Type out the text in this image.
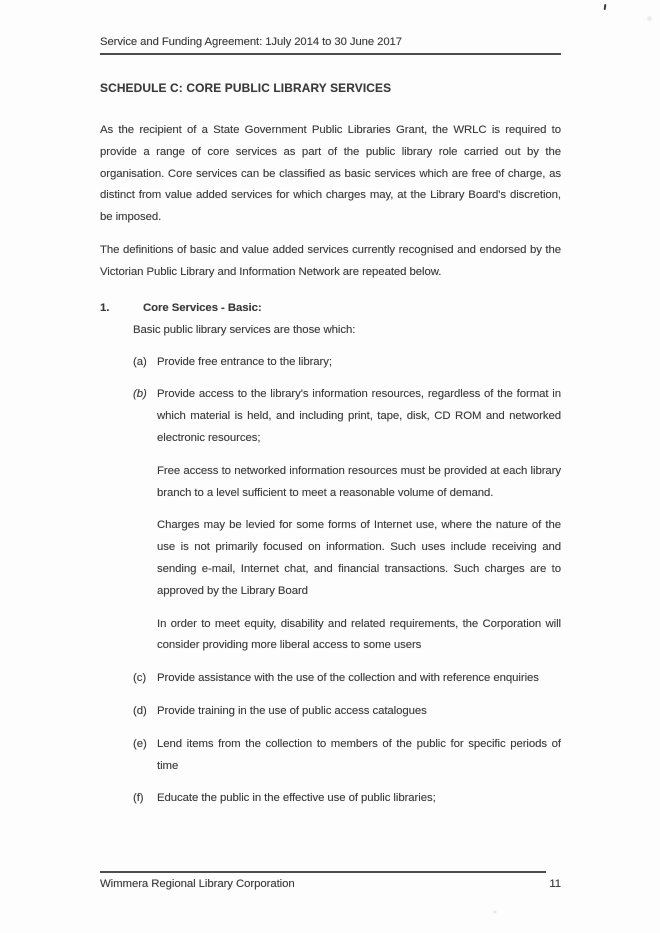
Service and Funding Agreement: 1July 2014 to 30 June 2017
SCHEDULE C: CORE PUBLIC LIBRARY SERVICES

As the recipient of a State Government Public Libraries Grant, the WRLC is required to provide a range of core services as part of the public library role carried out by the organisation. Core services can be classified as basic services which are free of charge, as distinct from value added services for which charges may, at the Library Board's discretion, be imposed.

The definitions of basic and value added services currently recognised and endorsed by the Victorian Public Library and Information Network are repeated below.

1.	Core Services - Basic:

Basic public library services are those which:

(a) Provide free entrance to the library;
(b) Provide access to the library's information resources, regardless of the format in which material is held, and including print, tape, disk, CD ROM and networked electronic resources;

Free access to networked information resources must be provided at each library branch to a level sufficient to meet a reasonable volume of demand.

Charges may be levied for some forms of Internet use, where the nature of the use is not primarily focused on information. Such uses include receiving and sending e-mail, Internet chat, and financial transactions. Such charges are to approved by the Library Board

In order to meet equity, disability and related requirements, the Corporation will consider providing more liberal access to some users

(c) Provide assistance with the use of the collection and with reference enquiries
(d) Provide training in the use of public access catalogues
(e) Lend items from the collection to members of the public for specific periods of time
(f)	Educate the public in the effective use of public libraries;
Wimmera Regional Library Corporation	11
